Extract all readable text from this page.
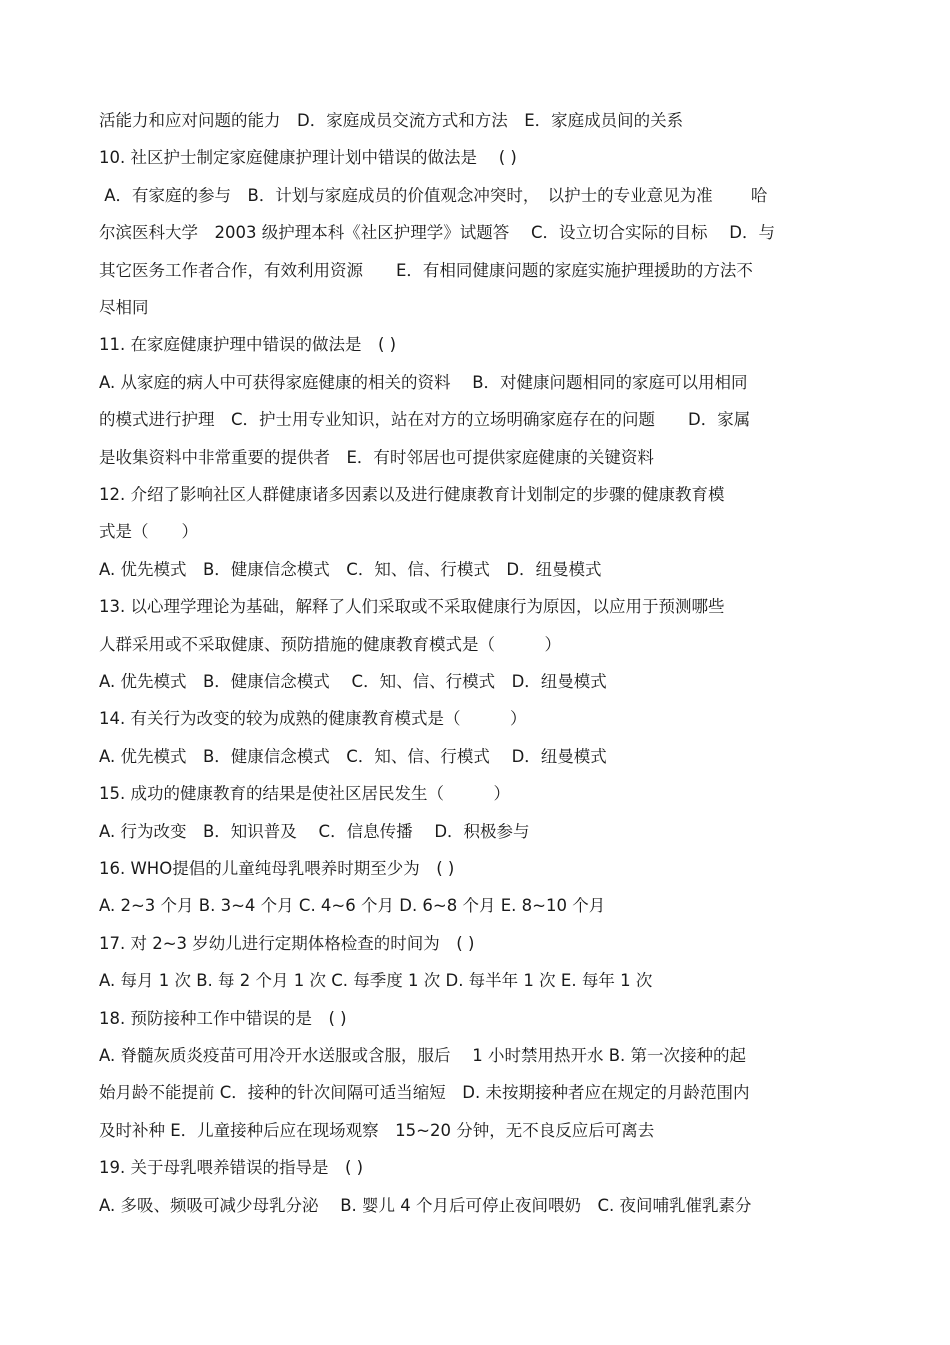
活能力和应对问题的能力　D．家庭成员交流方式和方法　E．家庭成员间的关系
10. 社区护士制定家庭健康护理计划中错误的做法是　 ( )
A．有家庭的参与　B．计划与家庭成员的价值观念冲突时，　以护士的专业意见为准　　 哈
尔滨医科大学　2003 级护理本科《社区护理学》试题答　 C．设立切合实际的目标　 D．与
其它医务工作者合作，有效利用资源　　E．有相同健康问题的家庭实施护理援助的方法不
尽相同
11. 在家庭健康护理中错误的做法是　( )
A. 从家庭的病人中可获得家庭健康的相关的资料　 B．对健康问题相同的家庭可以用相同
的模式进行护理　C．护士用专业知识，站在对方的立场明确家庭存在的问题　　D．家属
是收集资料中非常重要的提供者　E．有时邻居也可提供家庭健康的关键资料
12. 介绍了影响社区人群健康诸多因素以及进行健康教育计划制定的步骤的健康教育模
式是（　　）
A. 优先模式　B．健康信念模式　C．知、信、行模式　D．纽曼模式
13. 以心理学理论为基础，解释了人们采取或不采取健康行为原因，以应用于预测哪些
人群采用或不采取健康、预防措施的健康教育模式是（　　　）
A. 优先模式　B．健康信念模式　 C．知、信、行模式　D．纽曼模式
14. 有关行为改变的较为成熟的健康教育模式是（　　　）
A. 优先模式　B．健康信念模式　C．知、信、行模式　 D．纽曼模式
15. 成功的健康教育的结果是使社区居民发生（　　　）
A. 行为改变　B．知识普及　 C．信息传播　 D．积极参与
16. WHO提倡的儿童纯母乳喂养时期至少为　( )
A. 2~3 个月 B. 3~4 个月 C. 4~6 个月 D. 6~8 个月 E. 8~10 个月
17. 对 2~3 岁幼儿进行定期体格检查的时间为　( )
A. 每月 1 次 B. 每 2 个月 1 次 C. 每季度 1 次 D. 每半年 1 次 E. 每年 1 次
18. 预防接种工作中错误的是　( )
A. 脊髓灰质炎疫苗可用冷开水送服或含服，服后　 1 小时禁用热开水 B. 第一次接种的起
始月龄不能提前 C．接种的针次间隔可适当缩短　D. 未按期接种者应在规定的月龄范围内
及时补种 E．儿童接种后应在现场观察　15~20 分钟，无不良反应后可离去
19. 关于母乳喂养错误的指导是　( )
A. 多吸、频吸可减少母乳分泌　 B. 婴儿 4 个月后可停止夜间喂奶　C. 夜间哺乳催乳素分
